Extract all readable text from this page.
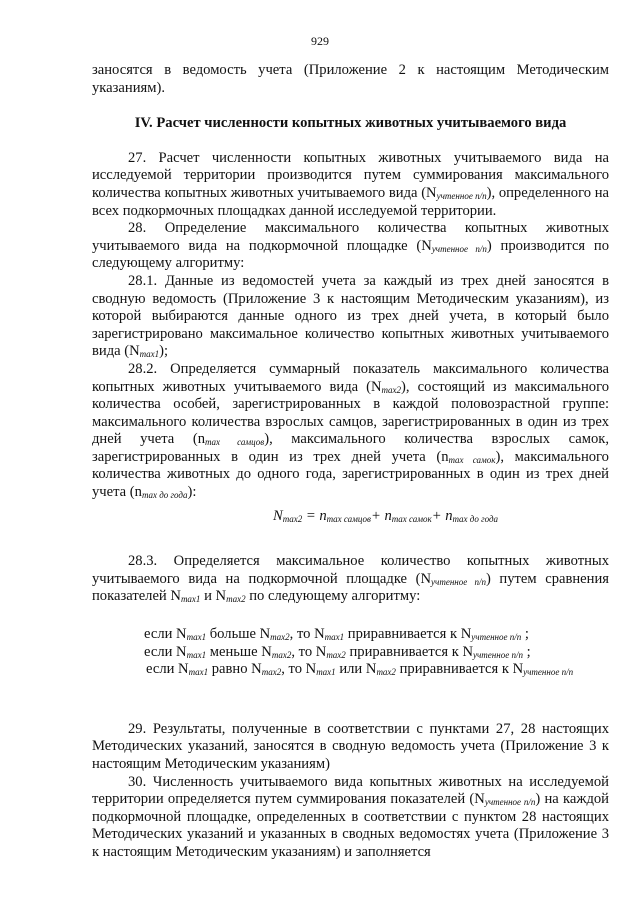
929

заносятся в ведомость учета (Приложение 2 к настоящим Методическим указаниям).

IV. Расчет численности копытных животных учитываемого вида

27. Расчет численности копытных животных учитываемого вида на исследуемой территории производится путем суммирования максимального количества копытных животных учитываемого вида $(N_{учтенное п/п})$, определенного на всех подкормочных площадках данной исследуемой территории.

28. Определение максимального количества копытных животных учитываемого вида на подкормочной площадке $(N_{учтенное п/п})$ производится по следующему алгоритму:

28.1. Данные из ведомостей учета за каждый из трех дней заносятся в сводную ведомость (Приложение 3 к настоящим Методическим указаниям), из которой выбираются данные одного из трех дней учета, в который было зарегистрировано максимальное количество копытных животных учитываемого вида $(N_{max1})$;

28.2. Определяется суммарный показатель максимального количества копытных животных учитываемого вида $(N_{max2})$, состоящий из максимального количества особей, зарегистрированных в каждой половозрастной группе: максимального количества взрослых самцов, зарегистрированных в один из трех дней учета $(n_{max самцов})$, максимального количества взрослых самок, зарегистрированных в один из трех дней учета $(n_{max самок})$, максимального количества животных до одного года, зарегистрированных в один из трех дней учета $(n_{max до года})$:

$N_{max2} = n_{max самцов}+ n_{max самок}+ n_{max до года}$

28.3. Определяется максимальное количество копытных животных учитываемого вида на подкормочной площадке $(N_{учтенное п/п})$ путем сравнения показателей $N_{max1}$ и $N_{max2}$ по следующему алгоритму:

если $N_{max1}$ больше $N_{max2}$, то $N_{max1}$ приравнивается к $N_{учтенное п/п}$ ;
если $N_{max1}$ меньше $N_{max2}$, то $N_{max2}$ приравнивается к $N_{учтенное п/п}$ ;
если $N_{max1}$ равно $N_{max2}$, то $N_{max1}$ или $N_{max2}$ приравнивается к $N_{учтенное п/п}$

29. Результаты, полученные в соответствии с пунктами 27, 28 настоящих Методических указаний, заносятся в сводную ведомость учета (Приложение 3 к настоящим Методическим указаниям)

30. Численность учитываемого вида копытных животных на исследуемой территории определяется путем суммирования показателей $(N_{учтенное п/п})$ на каждой подкормочной площадке, определенных в соответствии с пунктом 28 настоящих Методических указаний и указанных в сводных ведомостях учета (Приложение 3 к настоящим Методическим указаниям) и заполняется
